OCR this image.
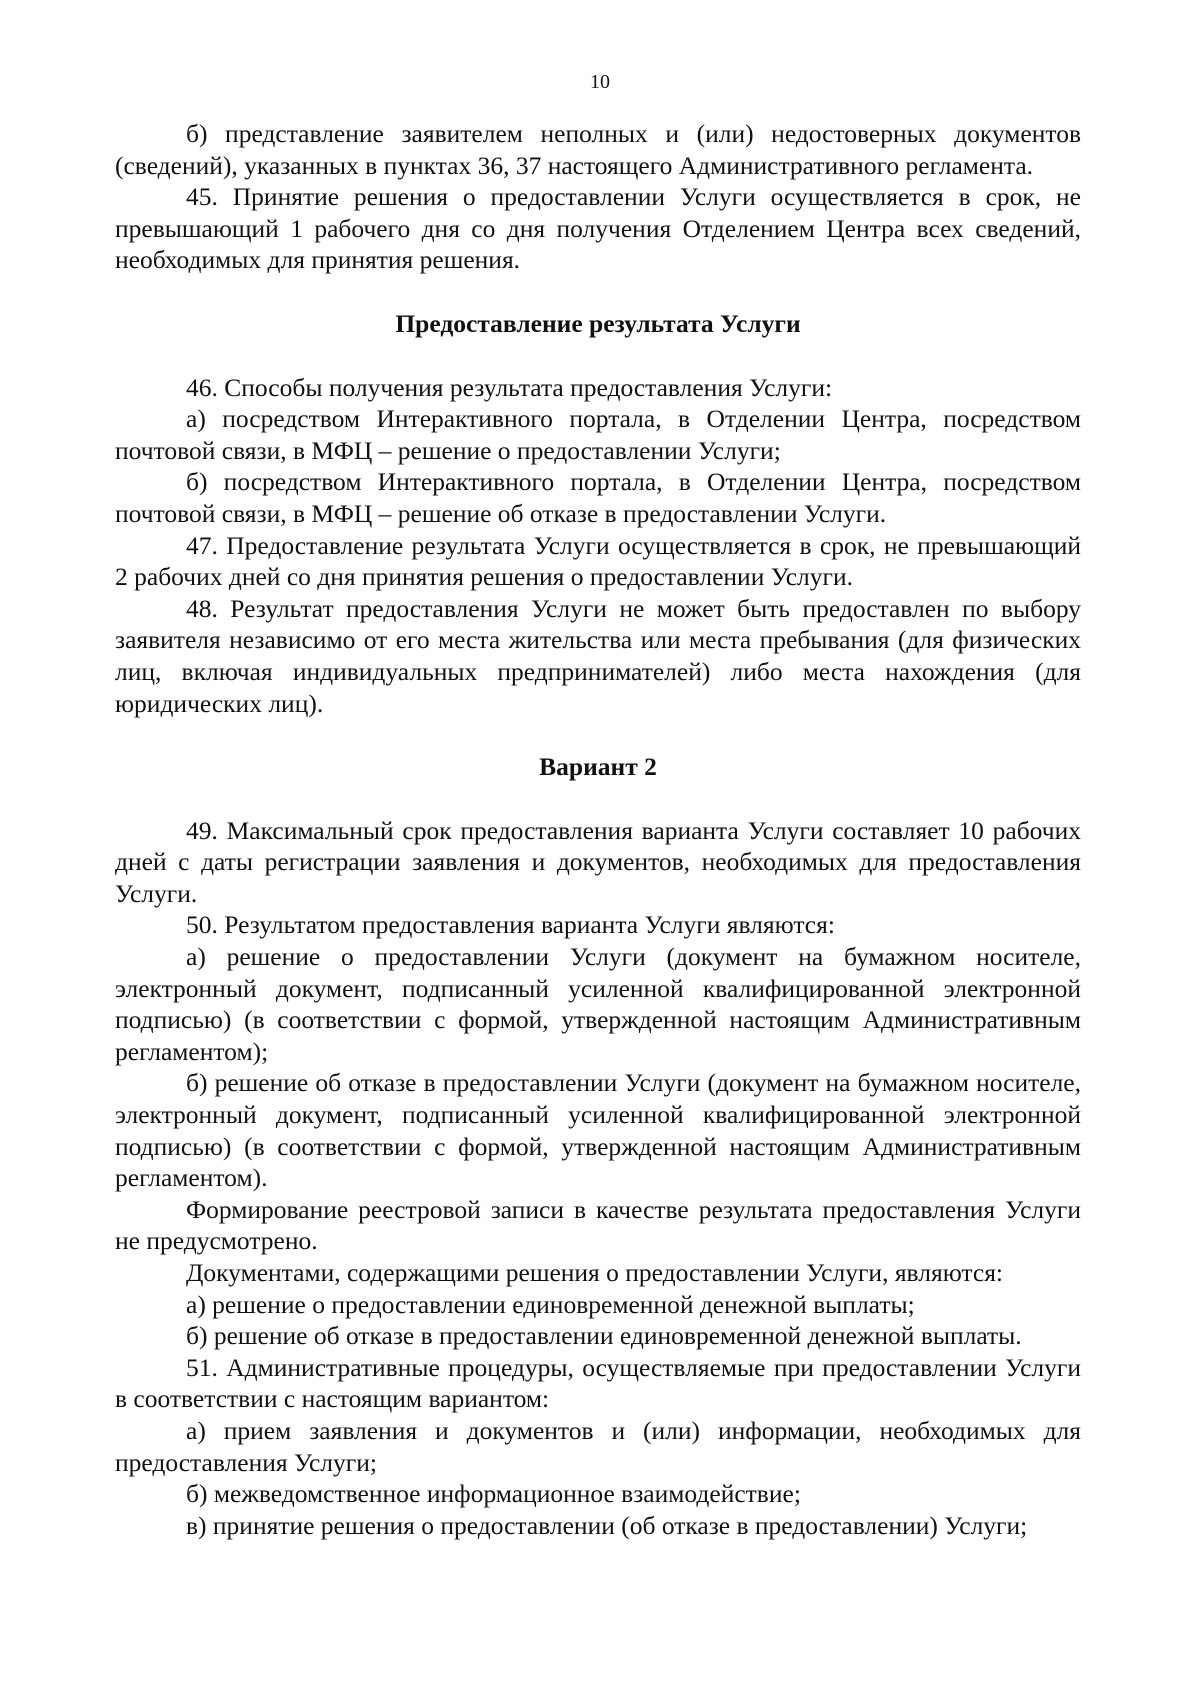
10

б) представление заявителем неполных и (или) недостоверных документов (сведений), указанных в пунктах 36, 37 настоящего Административного регламента.

45. Принятие решения о предоставлении Услуги осуществляется в срок, не превышающий 1 рабочего дня со дня получения Отделением Центра всех сведений, необходимых для принятия решения.

Предоставление результата Услуги

46. Способы получения результата предоставления Услуги:

а) посредством Интерактивного портала, в Отделении Центра, посредством почтовой связи, в МФЦ – решение о предоставлении Услуги;

б) посредством Интерактивного портала, в Отделении Центра, посредством почтовой связи, в МФЦ – решение об отказе в предоставлении Услуги.

47. Предоставление результата Услуги осуществляется в срок, не превышающий 2 рабочих дней со дня принятия решения о предоставлении Услуги.

48. Результат предоставления Услуги не может быть предоставлен по выбору заявителя независимо от его места жительства или места пребывания (для физических лиц, включая индивидуальных предпринимателей) либо места нахождения (для юридических лиц).

Вариант 2

49. Максимальный срок предоставления варианта Услуги составляет 10 рабочих дней с даты регистрации заявления и документов, необходимых для предоставления Услуги.

50. Результатом предоставления варианта Услуги являются:

а) решение о предоставлении Услуги (документ на бумажном носителе, электронный документ, подписанный усиленной квалифицированной электронной подписью) (в соответствии с формой, утвержденной настоящим Административным регламентом);

б) решение об отказе в предоставлении Услуги (документ на бумажном носителе, электронный документ, подписанный усиленной квалифицированной электронной подписью) (в соответствии с формой, утвержденной настоящим Административным регламентом).

Формирование реестровой записи в качестве результата предоставления Услуги не предусмотрено.

Документами, содержащими решения о предоставлении Услуги, являются:

а) решение о предоставлении единовременной денежной выплаты;

б) решение об отказе в предоставлении единовременной денежной выплаты.

51. Административные процедуры, осуществляемые при предоставлении Услуги в соответствии с настоящим вариантом:

а) прием заявления и документов и (или) информации, необходимых для предоставления Услуги;

б) межведомственное информационное взаимодействие;

в) принятие решения о предоставлении (об отказе в предоставлении) Услуги;
